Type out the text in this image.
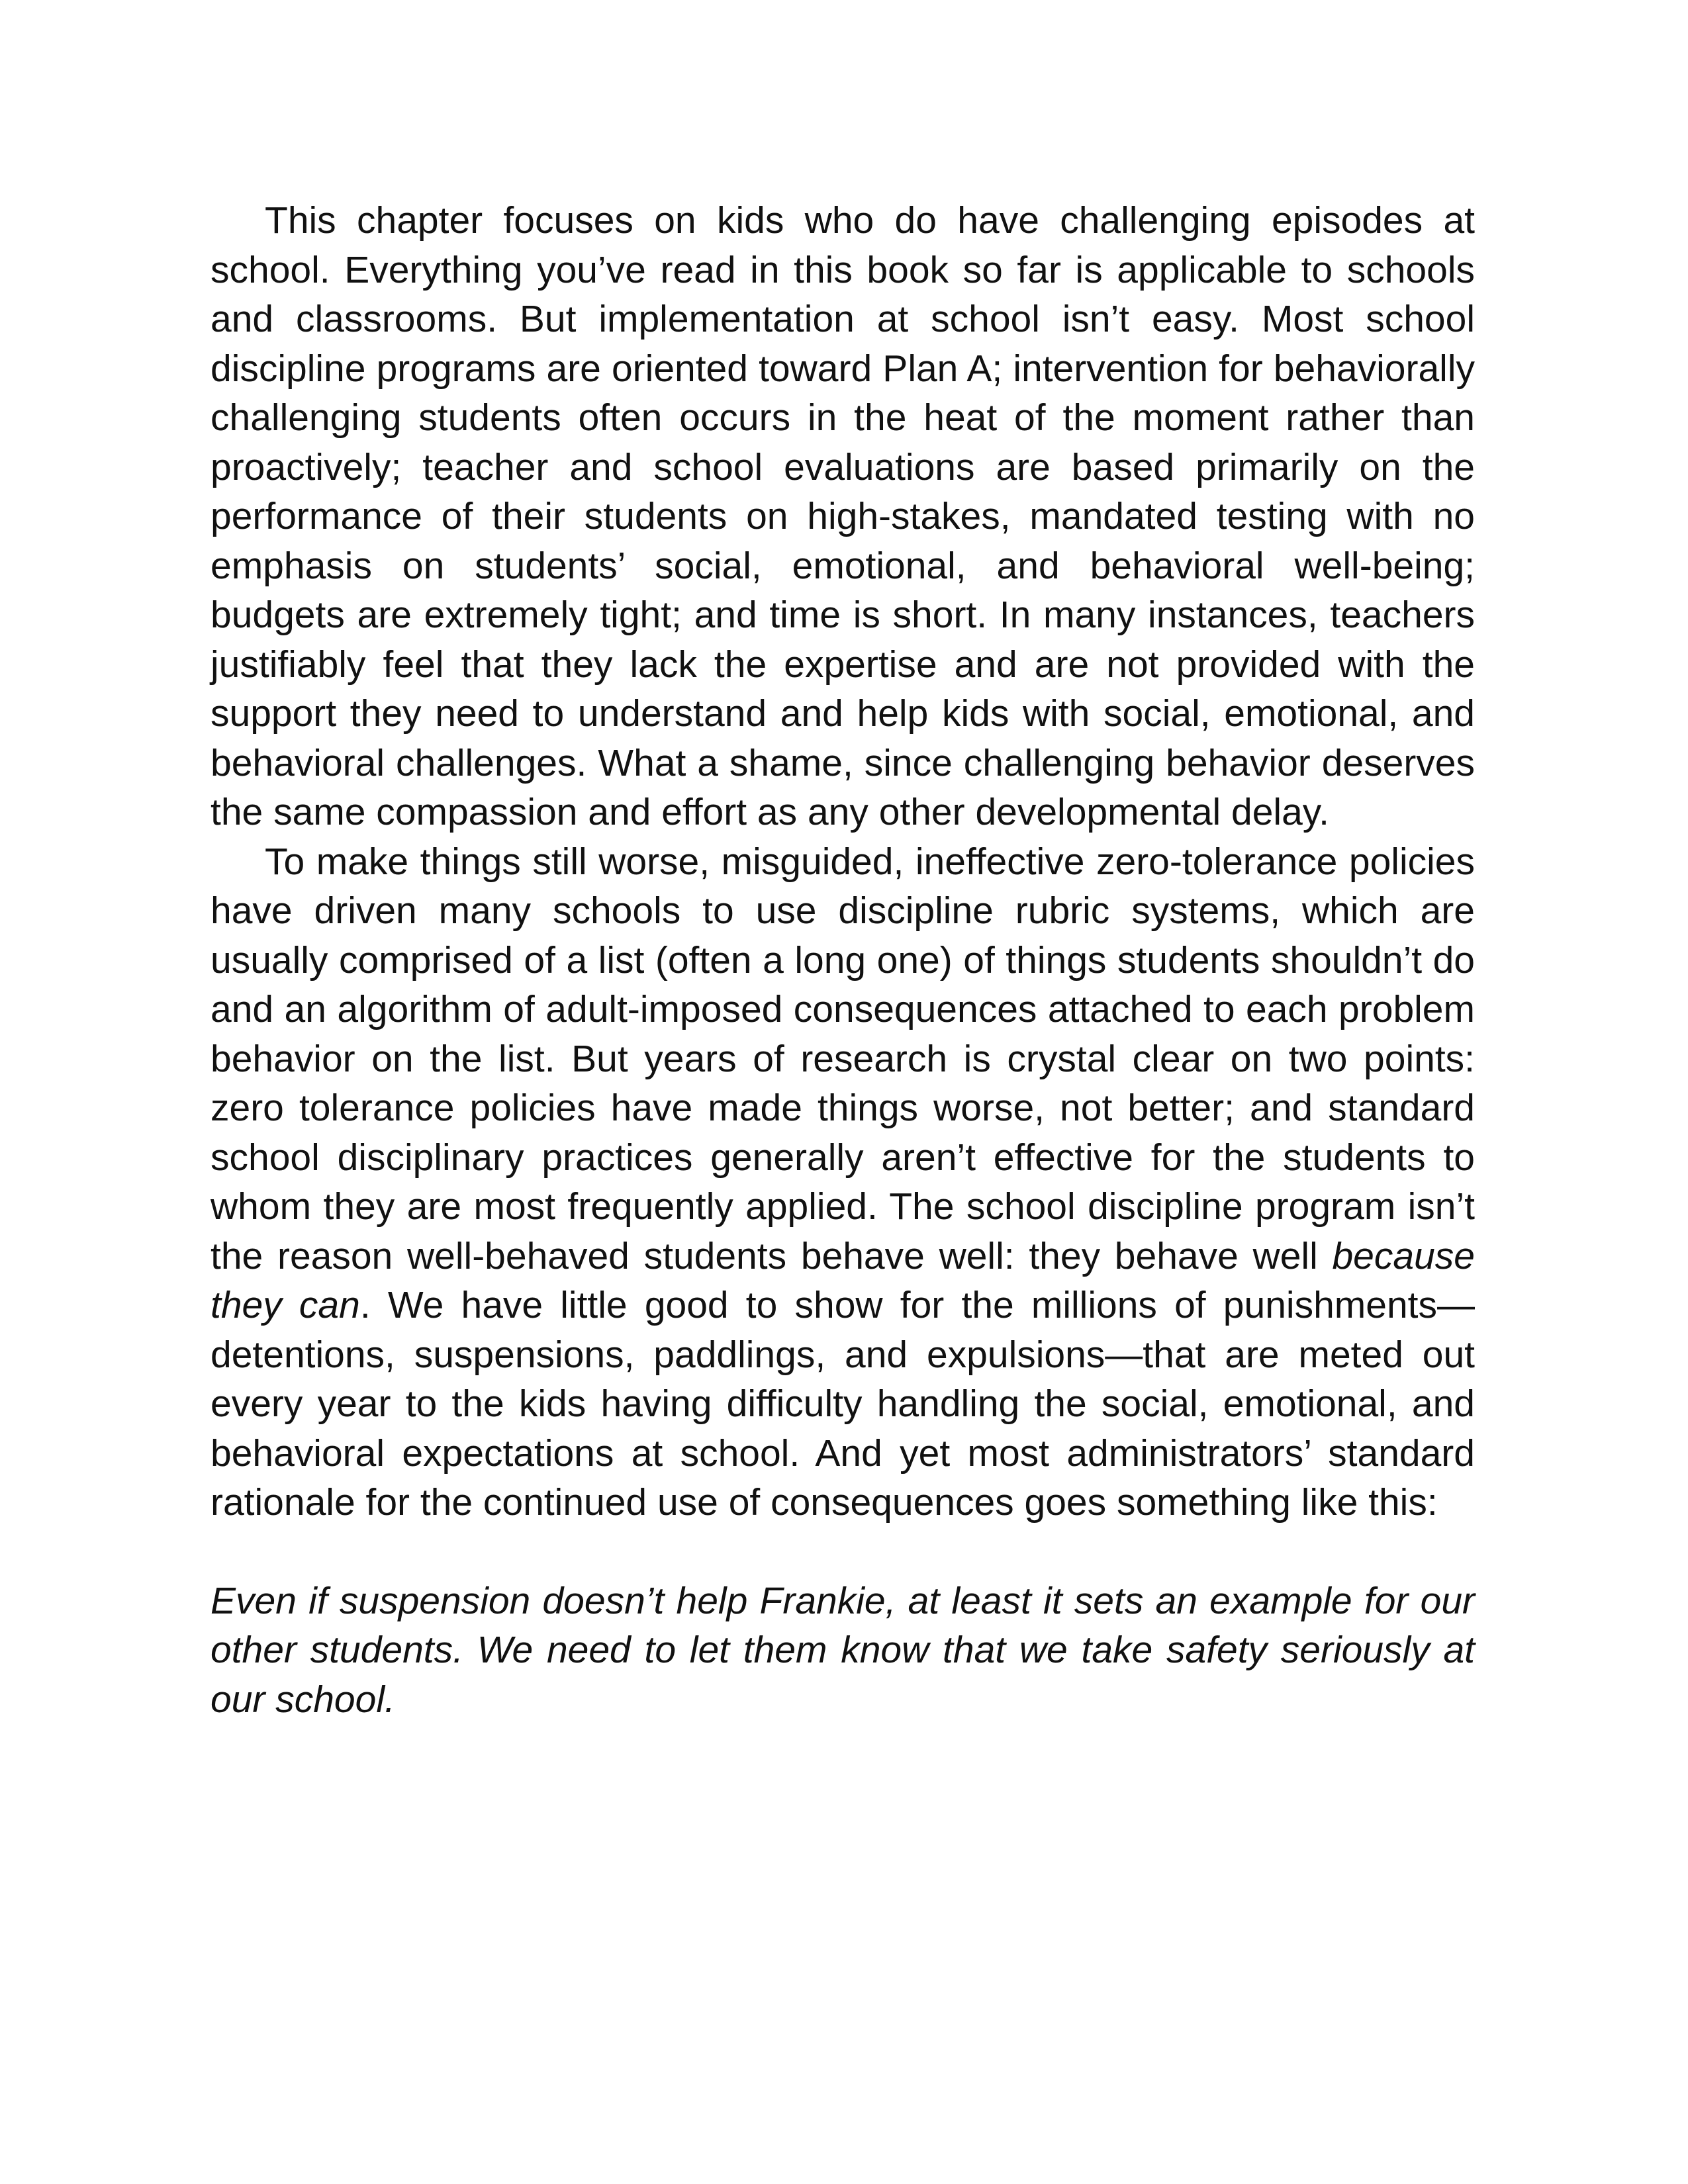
This chapter focuses on kids who do have challenging episodes at school. Everything you’ve read in this book so far is applicable to schools and classrooms. But implementation at school isn’t easy. Most school discipline programs are oriented toward Plan A; intervention for behaviorally challenging students often occurs in the heat of the moment rather than proactively; teacher and school evaluations are based primarily on the performance of their students on high-stakes, mandated testing with no emphasis on students’ social, emotional, and behavioral well-being; budgets are extremely tight; and time is short. In many instances, teachers justifiably feel that they lack the expertise and are not provided with the support they need to understand and help kids with social, emotional, and behavioral challenges. What a shame, since challenging behavior deserves the same compassion and effort as any other developmental delay.

To make things still worse, misguided, ineffective zero-tolerance policies have driven many schools to use discipline rubric systems, which are usually comprised of a list (often a long one) of things students shouldn’t do and an algorithm of adult-imposed consequences attached to each problem behavior on the list. But years of research is crystal clear on two points: zero tolerance policies have made things worse, not better; and standard school disciplinary practices generally aren’t effective for the students to whom they are most frequently applied. The school discipline program isn’t the reason well-behaved students behave well: they behave well because they can. We have little good to show for the millions of punishments—detentions, suspensions, paddlings, and expulsions—that are meted out every year to the kids having difficulty handling the social, emotional, and behavioral expectations at school. And yet most administrators’ standard rationale for the continued use of consequences goes something like this:

Even if suspension doesn’t help Frankie, at least it sets an example for our other students. We need to let them know that we take safety seriously at our school.
